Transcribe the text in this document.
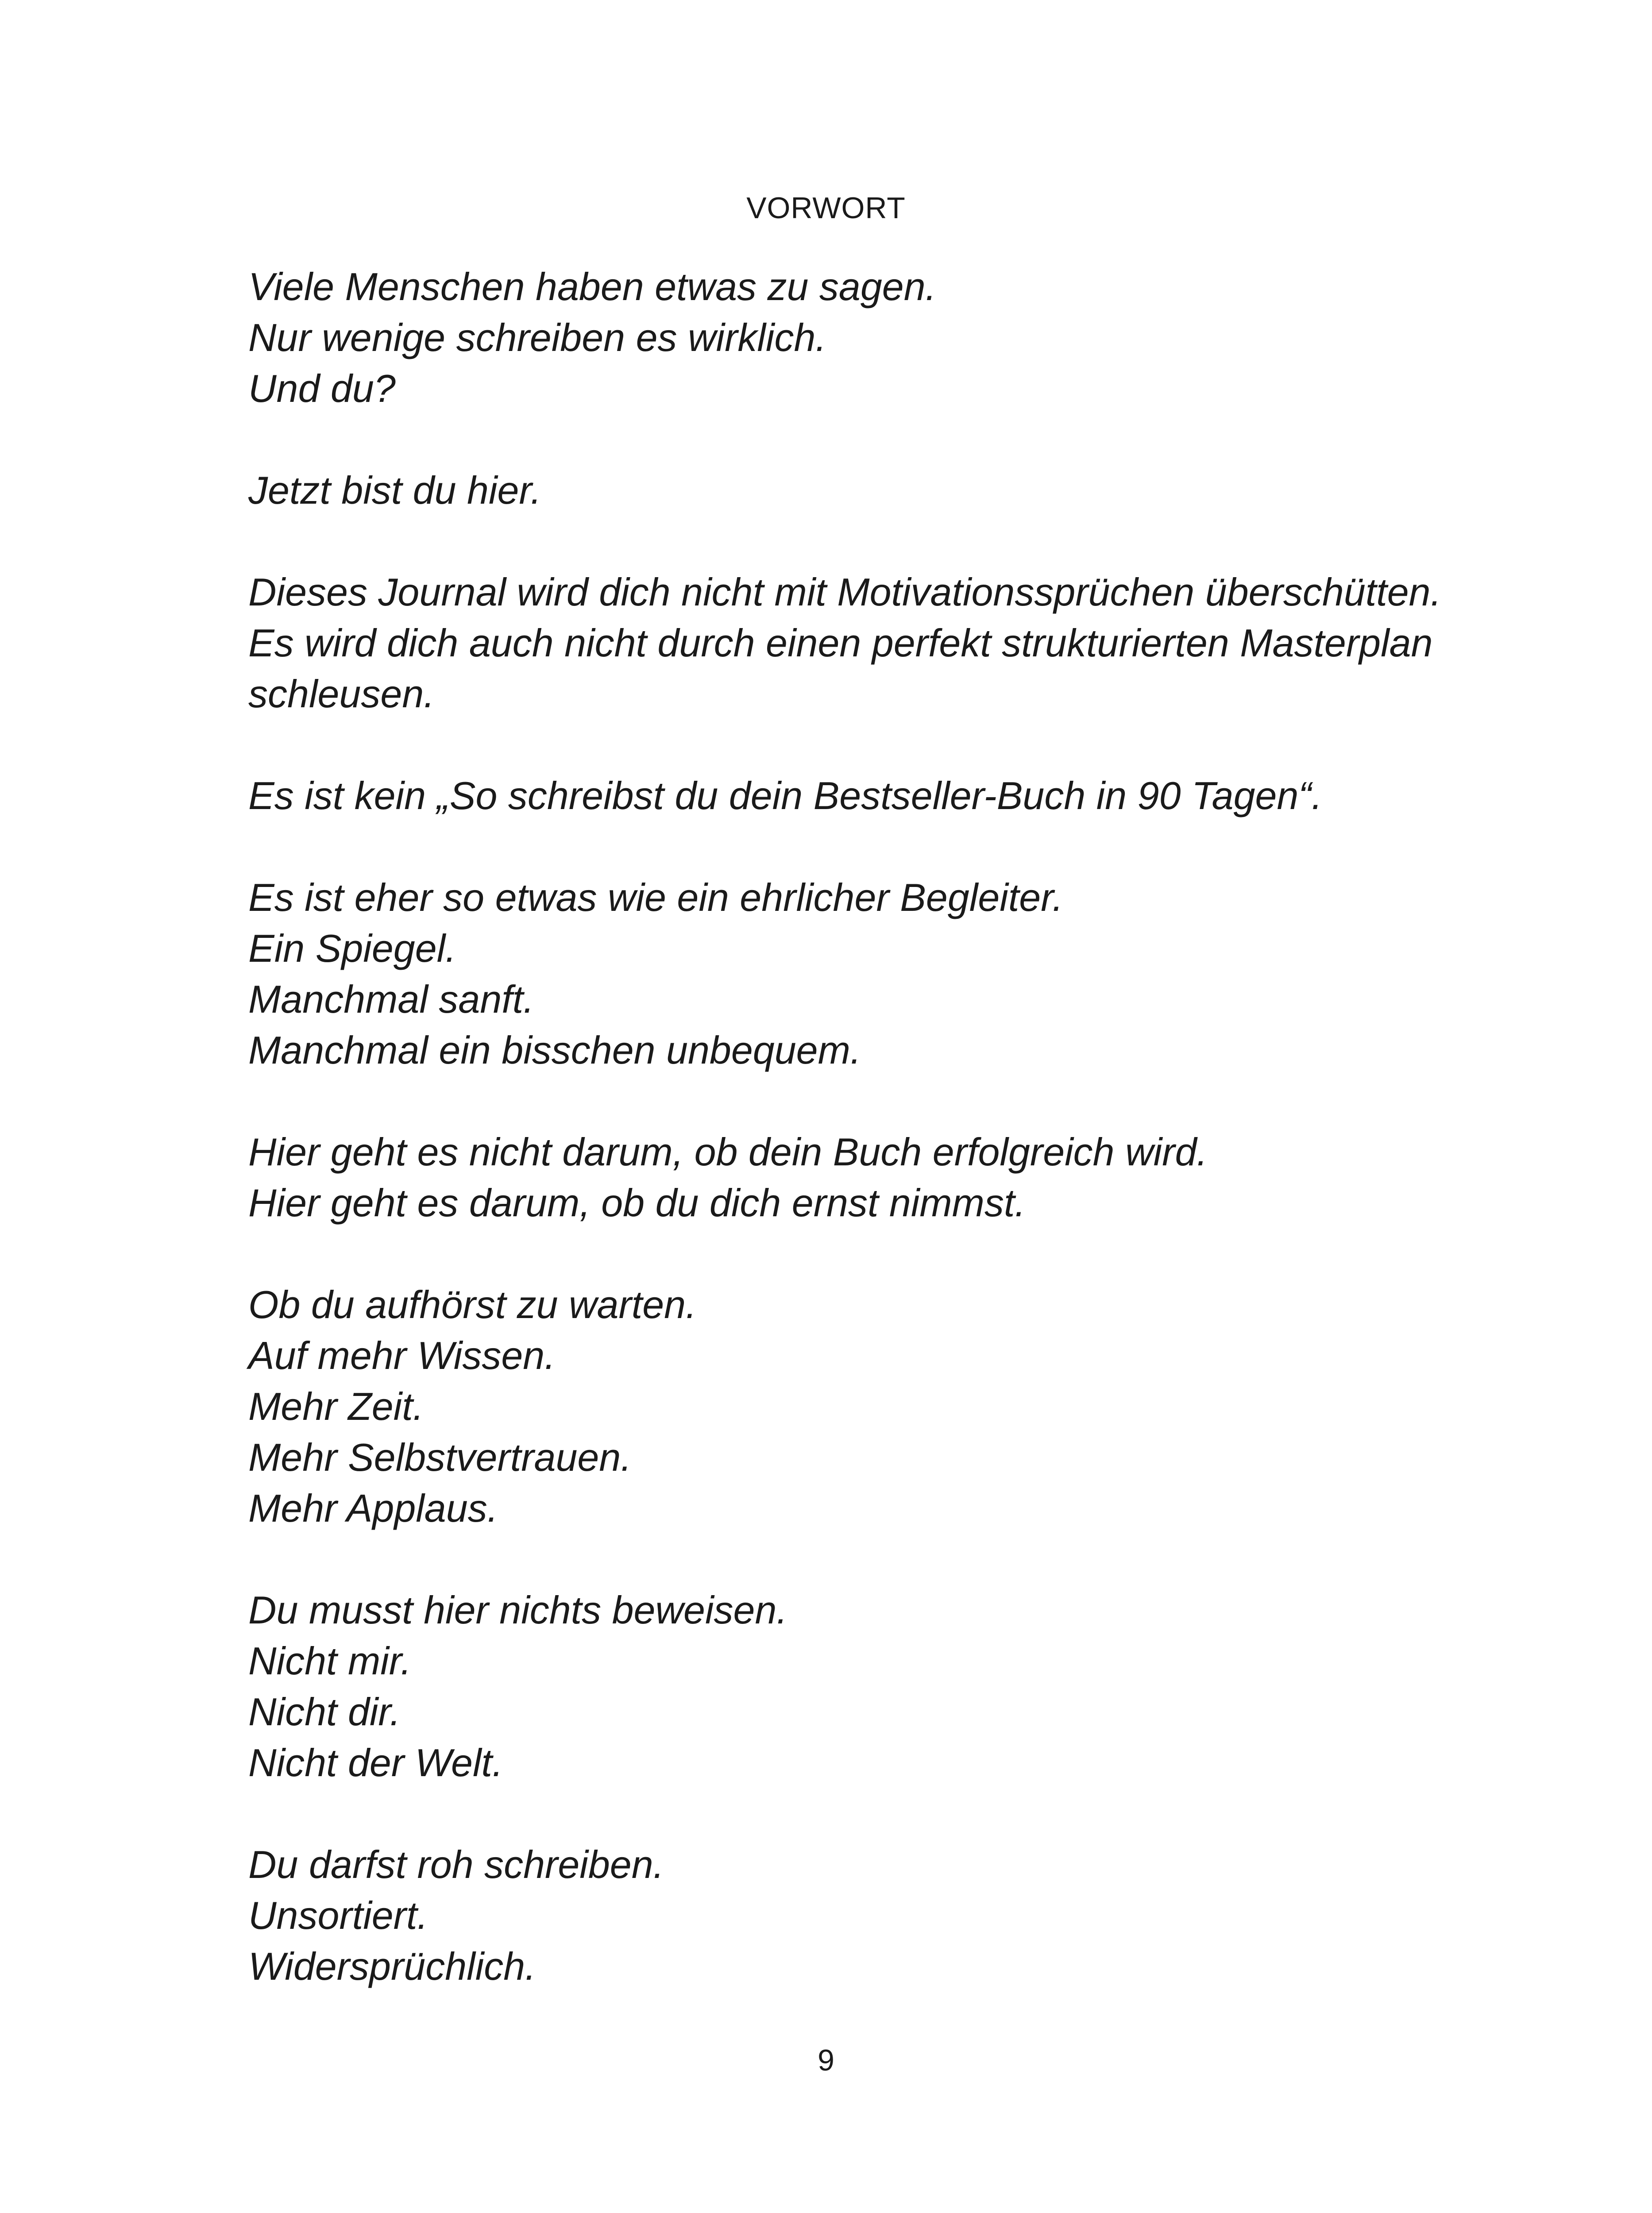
VORWORT

Viele Menschen haben etwas zu sagen.
Nur wenige schreiben es wirklich.
Und du?

Jetzt bist du hier.

Dieses Journal wird dich nicht mit Motivationssprüchen überschütten.
Es wird dich auch nicht durch einen perfekt strukturierten Masterplan
schleusen.

Es ist kein „So schreibst du dein Bestseller-Buch in 90 Tagen“.

Es ist eher so etwas wie ein ehrlicher Begleiter.
Ein Spiegel.
Manchmal sanft.
Manchmal ein bisschen unbequem.

Hier geht es nicht darum, ob dein Buch erfolgreich wird.
Hier geht es darum, ob du dich ernst nimmst.

Ob du aufhörst zu warten.
Auf mehr Wissen.
Mehr Zeit.
Mehr Selbstvertrauen.
Mehr Applaus.

Du musst hier nichts beweisen.
Nicht mir.
Nicht dir.
Nicht der Welt.

Du darfst roh schreiben.
Unsortiert.
Widersprüchlich.

9
